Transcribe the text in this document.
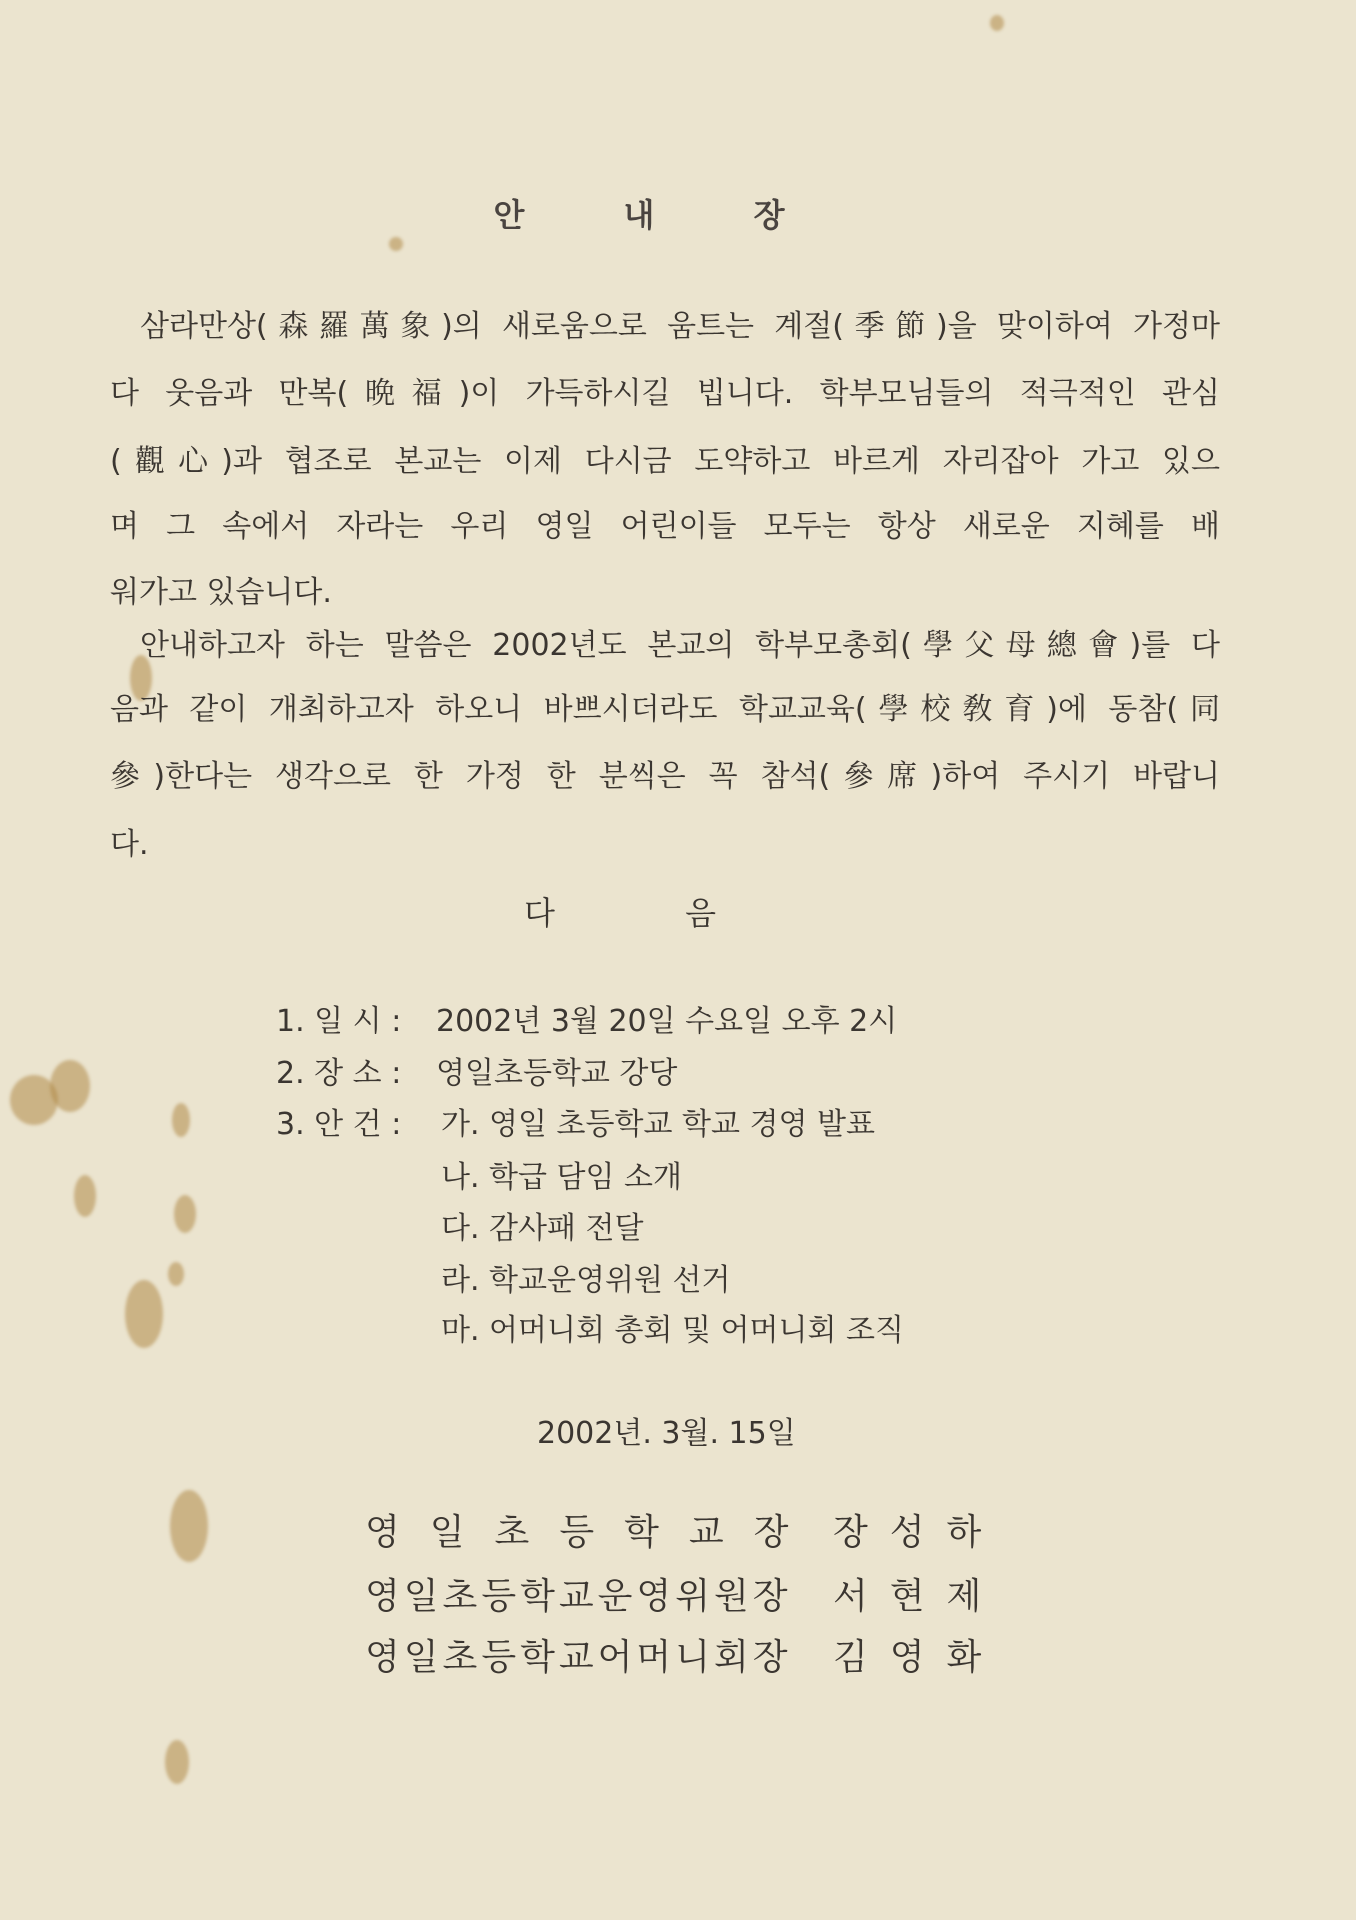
안 내 장
삼라만상(森羅萬象)의 새로움으로 움트는 계절(季節)을 맞이하여 가정마
다 웃음과 만복(晩福)이 가득하시길 빕니다. 학부모님들의 적극적인 관심
(觀心)과 협조로 본교는 이제 다시금 도약하고 바르게 자리잡아 가고 있으
며 그 속에서 자라는 우리 영일 어린이들 모두는 항상 새로운 지혜를 배
워가고 있습니다.
안내하고자 하는 말씀은 2002년도 본교의 학부모총회(學父母總會)를 다
음과 같이 개최하고자 하오니 바쁘시더라도 학교교육(學校敎育)에 동참(同
參)한다는 생각으로 한 가정 한 분씩은 꼭 참석(參席)하여 주시기 바랍니
다.
다 음
1. 일 시 : 2002년 3월 20일 수요일 오후 2시
2. 장 소 : 영일초등학교 강당
3. 안 건 : 가. 영일 초등학교 학교 경영 발표
나. 학급 담임 소개
다. 감사패 전달
라. 학교운영위원 선거
마. 어머니회 총회 및 어머니회 조직
2002년. 3월. 15일
영일초등학교장 장성하
영일초등학교운영위원장 서현제
영일초등학교어머니회장 김영화
